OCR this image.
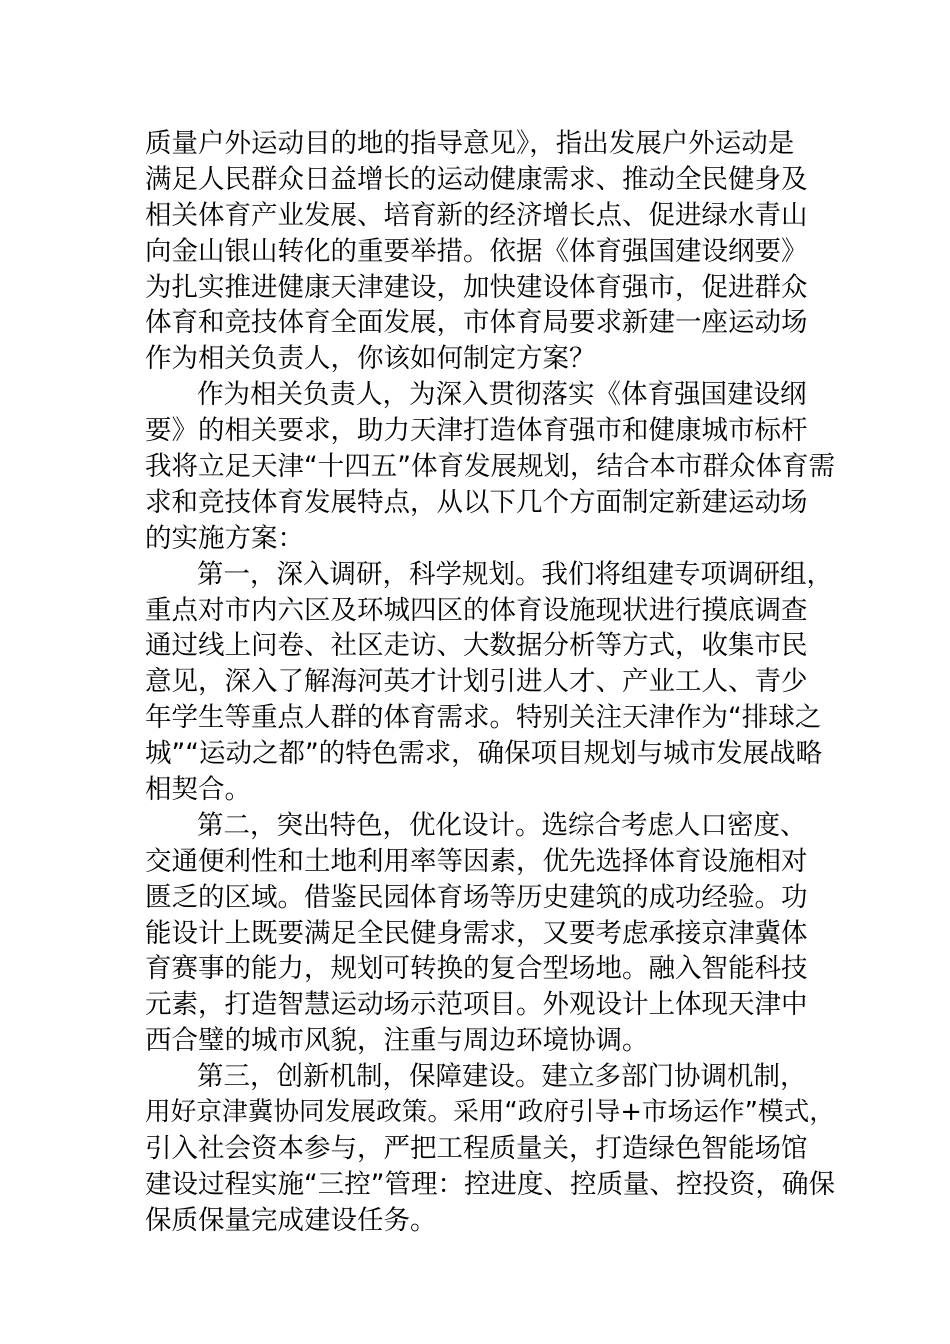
质量户外运动目的地的指导意见》，指出发展户外运动是
满足人民群众日益增长的运动健康需求、推动全民健身及
相关体育产业发展、培育新的经济增长点、促进绿水青山
向金山银山转化的重要举措。依据《体育强国建设纲要》
为扎实推进健康天津建设，加快建设体育强市，促进群众
体育和竞技体育全面发展，市体育局要求新建一座运动场
作为相关负责人，你该如何制定方案？
作为相关负责人，为深入贯彻落实《体育强国建设纲
要》的相关要求，助力天津打造体育强市和健康城市标杆
我将立足天津“十四五”体育发展规划，结合本市群众体育需
求和竞技体育发展特点，从以下几个方面制定新建运动场
的实施方案：
第一，深入调研，科学规划。我们将组建专项调研组，
重点对市内六区及环城四区的体育设施现状进行摸底调查
通过线上问卷、社区走访、大数据分析等方式，收集市民
意见，深入了解海河英才计划引进人才、产业工人、青少
年学生等重点人群的体育需求。特别关注天津作为“排球之
城”“运动之都”的特色需求，确保项目规划与城市发展战略
相契合。
第二，突出特色，优化设计。选综合考虑人口密度、
交通便利性和土地利用率等因素，优先选择体育设施相对
匮乏的区域。借鉴民园体育场等历史建筑的成功经验。功
能设计上既要满足全民健身需求，又要考虑承接京津冀体
育赛事的能力，规划可转换的复合型场地。融入智能科技
元素，打造智慧运动场示范项目。外观设计上体现天津中
西合璧的城市风貌，注重与周边环境协调。
第三，创新机制，保障建设。建立多部门协调机制，
用好京津冀协同发展政策。采用“政府引导+市场运作”模式，
引入社会资本参与，严把工程质量关，打造绿色智能场馆
建设过程实施“三控”管理：控进度、控质量、控投资，确保
保质保量完成建设任务。
